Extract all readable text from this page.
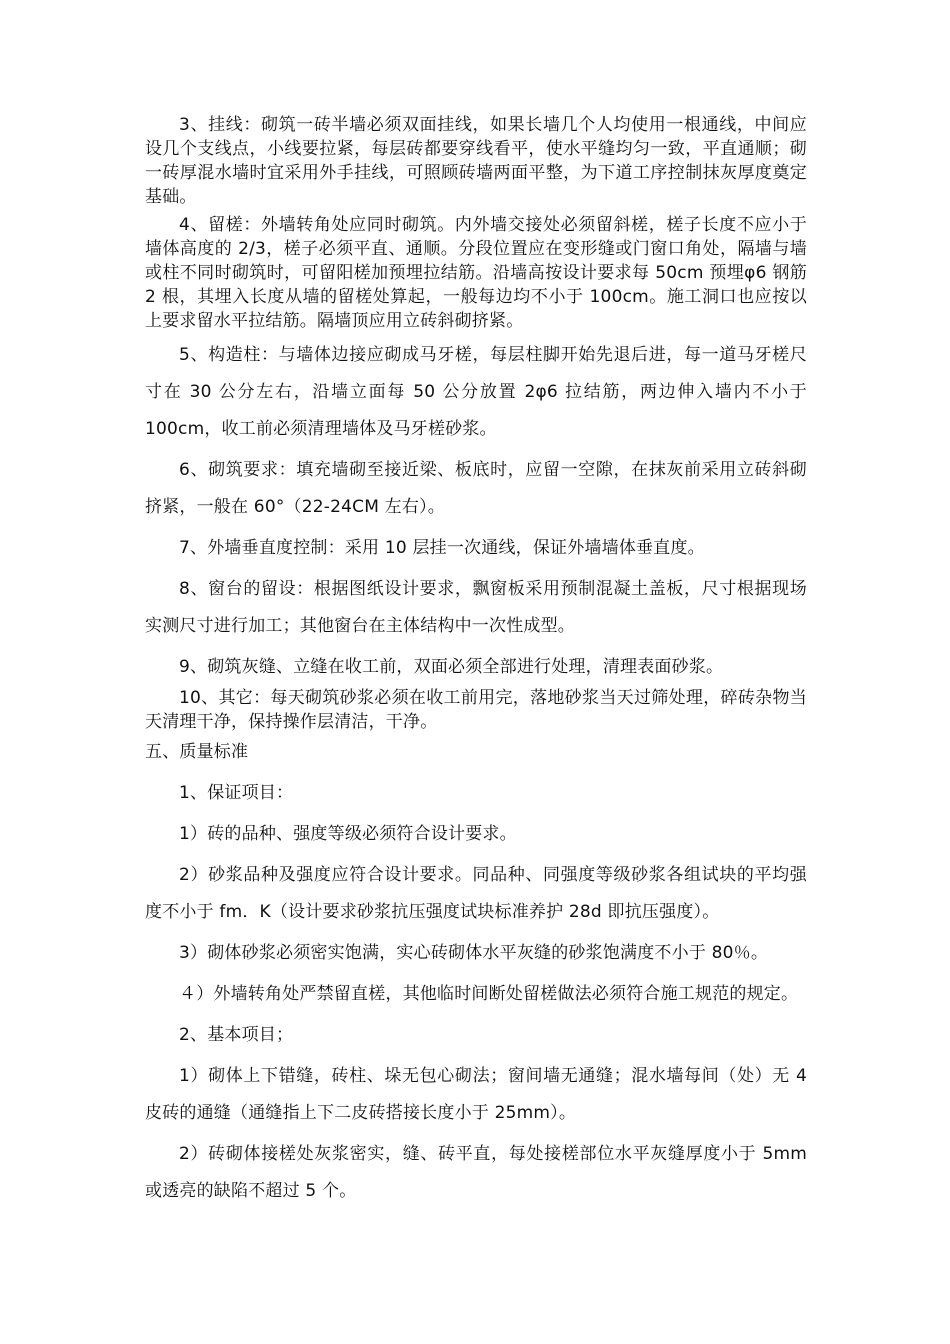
3、挂线：砌筑一砖半墙必须双面挂线，如果长墙几个人均使用一根通线，中间应设几个支线点，小线要拉紧，每层砖都要穿线看平，使水平缝均匀一致，平直通顺；砌一砖厚混水墙时宜采用外手挂线，可照顾砖墙两面平整，为下道工序控制抹灰厚度奠定基础。

4、留槎：外墙转角处应同时砌筑。内外墙交接处必须留斜槎，槎子长度不应小于墙体高度的 2/3，槎子必须平直、通顺。分段位置应在变形缝或门窗口角处，隔墙与墙或柱不同时砌筑时，可留阳槎加预埋拉结筋。沿墙高按设计要求每 50cm 预埋φ6 钢筋 2 根，其埋入长度从墙的留槎处算起，一般每边均不小于 100cm。施工洞口也应按以上要求留水平拉结筋。隔墙顶应用立砖斜砌挤紧。

5、构造柱：与墙体边接应砌成马牙槎，每层柱脚开始先退后进，每一道马牙槎尺寸在 30 公分左右，沿墙立面每 50 公分放置 2φ6 拉结筋，两边伸入墙内不小于 100cm，收工前必须清理墙体及马牙槎砂浆。

6、砌筑要求：填充墙砌至接近梁、板底时，应留一空隙，在抹灰前采用立砖斜砌挤紧，一般在 60°（22-24CM 左右）。

7、外墙垂直度控制：采用 10 层挂一次通线，保证外墙墙体垂直度。

8、窗台的留设：根据图纸设计要求，飘窗板采用预制混凝土盖板，尺寸根据现场实测尺寸进行加工；其他窗台在主体结构中一次性成型。

9、砌筑灰缝、立缝在收工前，双面必须全部进行处理，清理表面砂浆。

10、其它：每天砌筑砂浆必须在收工前用完，落地砂浆当天过筛处理，碎砖杂物当天清理干净，保持操作层清洁，干净。

五、质量标准

1、保证项目：

1）砖的品种、强度等级必须符合设计要求。

2）砂浆品种及强度应符合设计要求。同品种、同强度等级砂浆各组试块的平均强度不小于 fm．K（设计要求砂浆抗压强度试块标准养护 28d 即抗压强度）。

3）砌体砂浆必须密实饱满，实心砖砌体水平灰缝的砂浆饱满度不小于 80％。

４）外墙转角处严禁留直槎，其他临时间断处留槎做法必须符合施工规范的规定。

2、基本项目；

1）砌体上下错缝，砖柱、垛无包心砌法；窗间墙无通缝；混水墙每间（处）无 4 皮砖的通缝（通缝指上下二皮砖搭接长度小于 25mm）。

2）砖砌体接槎处灰浆密实，缝、砖平直，每处接槎部位水平灰缝厚度小于 5mm 或透亮的缺陷不超过 5 个。
